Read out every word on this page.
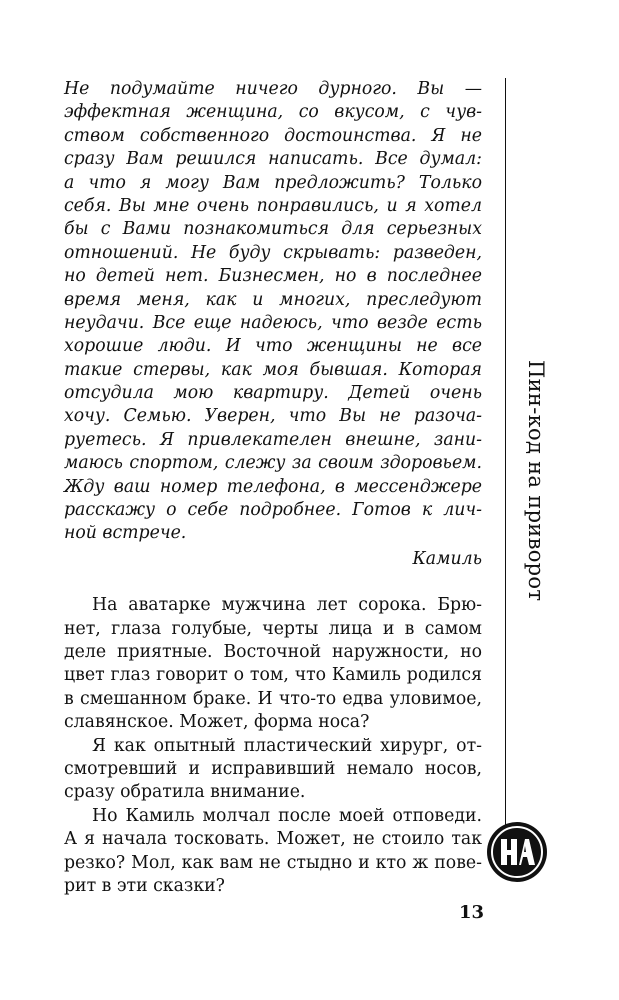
Не подумайте ничего дурного. Вы —
эффектная женщина, со вкусом, с чув-
ством собственного достоинства. Я не
сразу Вам решился написать. Все думал:
а что я могу Вам предложить? Только
себя. Вы мне очень понравились, и я хотел
бы с Вами познакомиться для серьезных
отношений. Не буду скрывать: разведен,
но детей нет. Бизнесмен, но в последнее
время меня, как и многих, преследуют
неудачи. Все еще надеюсь, что везде есть
хорошие люди. И что женщины не все
такие стервы, как моя бывшая. Которая
отсудила мою квартиру. Детей очень
хочу. Семью. Уверен, что Вы не разоча-
руетесь. Я привлекателен внешне, зани-
маюсь спортом, слежу за своим здоровьем.
Жду ваш номер телефона, в мессенджере
расскажу о себе подробнее. Готов к лич-
ной встрече.
Камиль
На аватарке мужчина лет сорока. Брю-
нет, глаза голубые, черты лица и в самом
деле приятные. Восточной наружности, но
цвет глаз говорит о том, что Камиль родился
в смешанном браке. И что-то едва уловимое,
славянское. Может, форма носа?
Я как опытный пластический хирург, от-
смотревший и исправивший немало носов,
сразу обратила внимание.
Но Камиль молчал после моей отповеди.
А я начала тосковать. Может, не стоило так
резко? Мол, как вам не стыдно и кто ж пове-
рит в эти сказки?
Пин-код на приворот
13
